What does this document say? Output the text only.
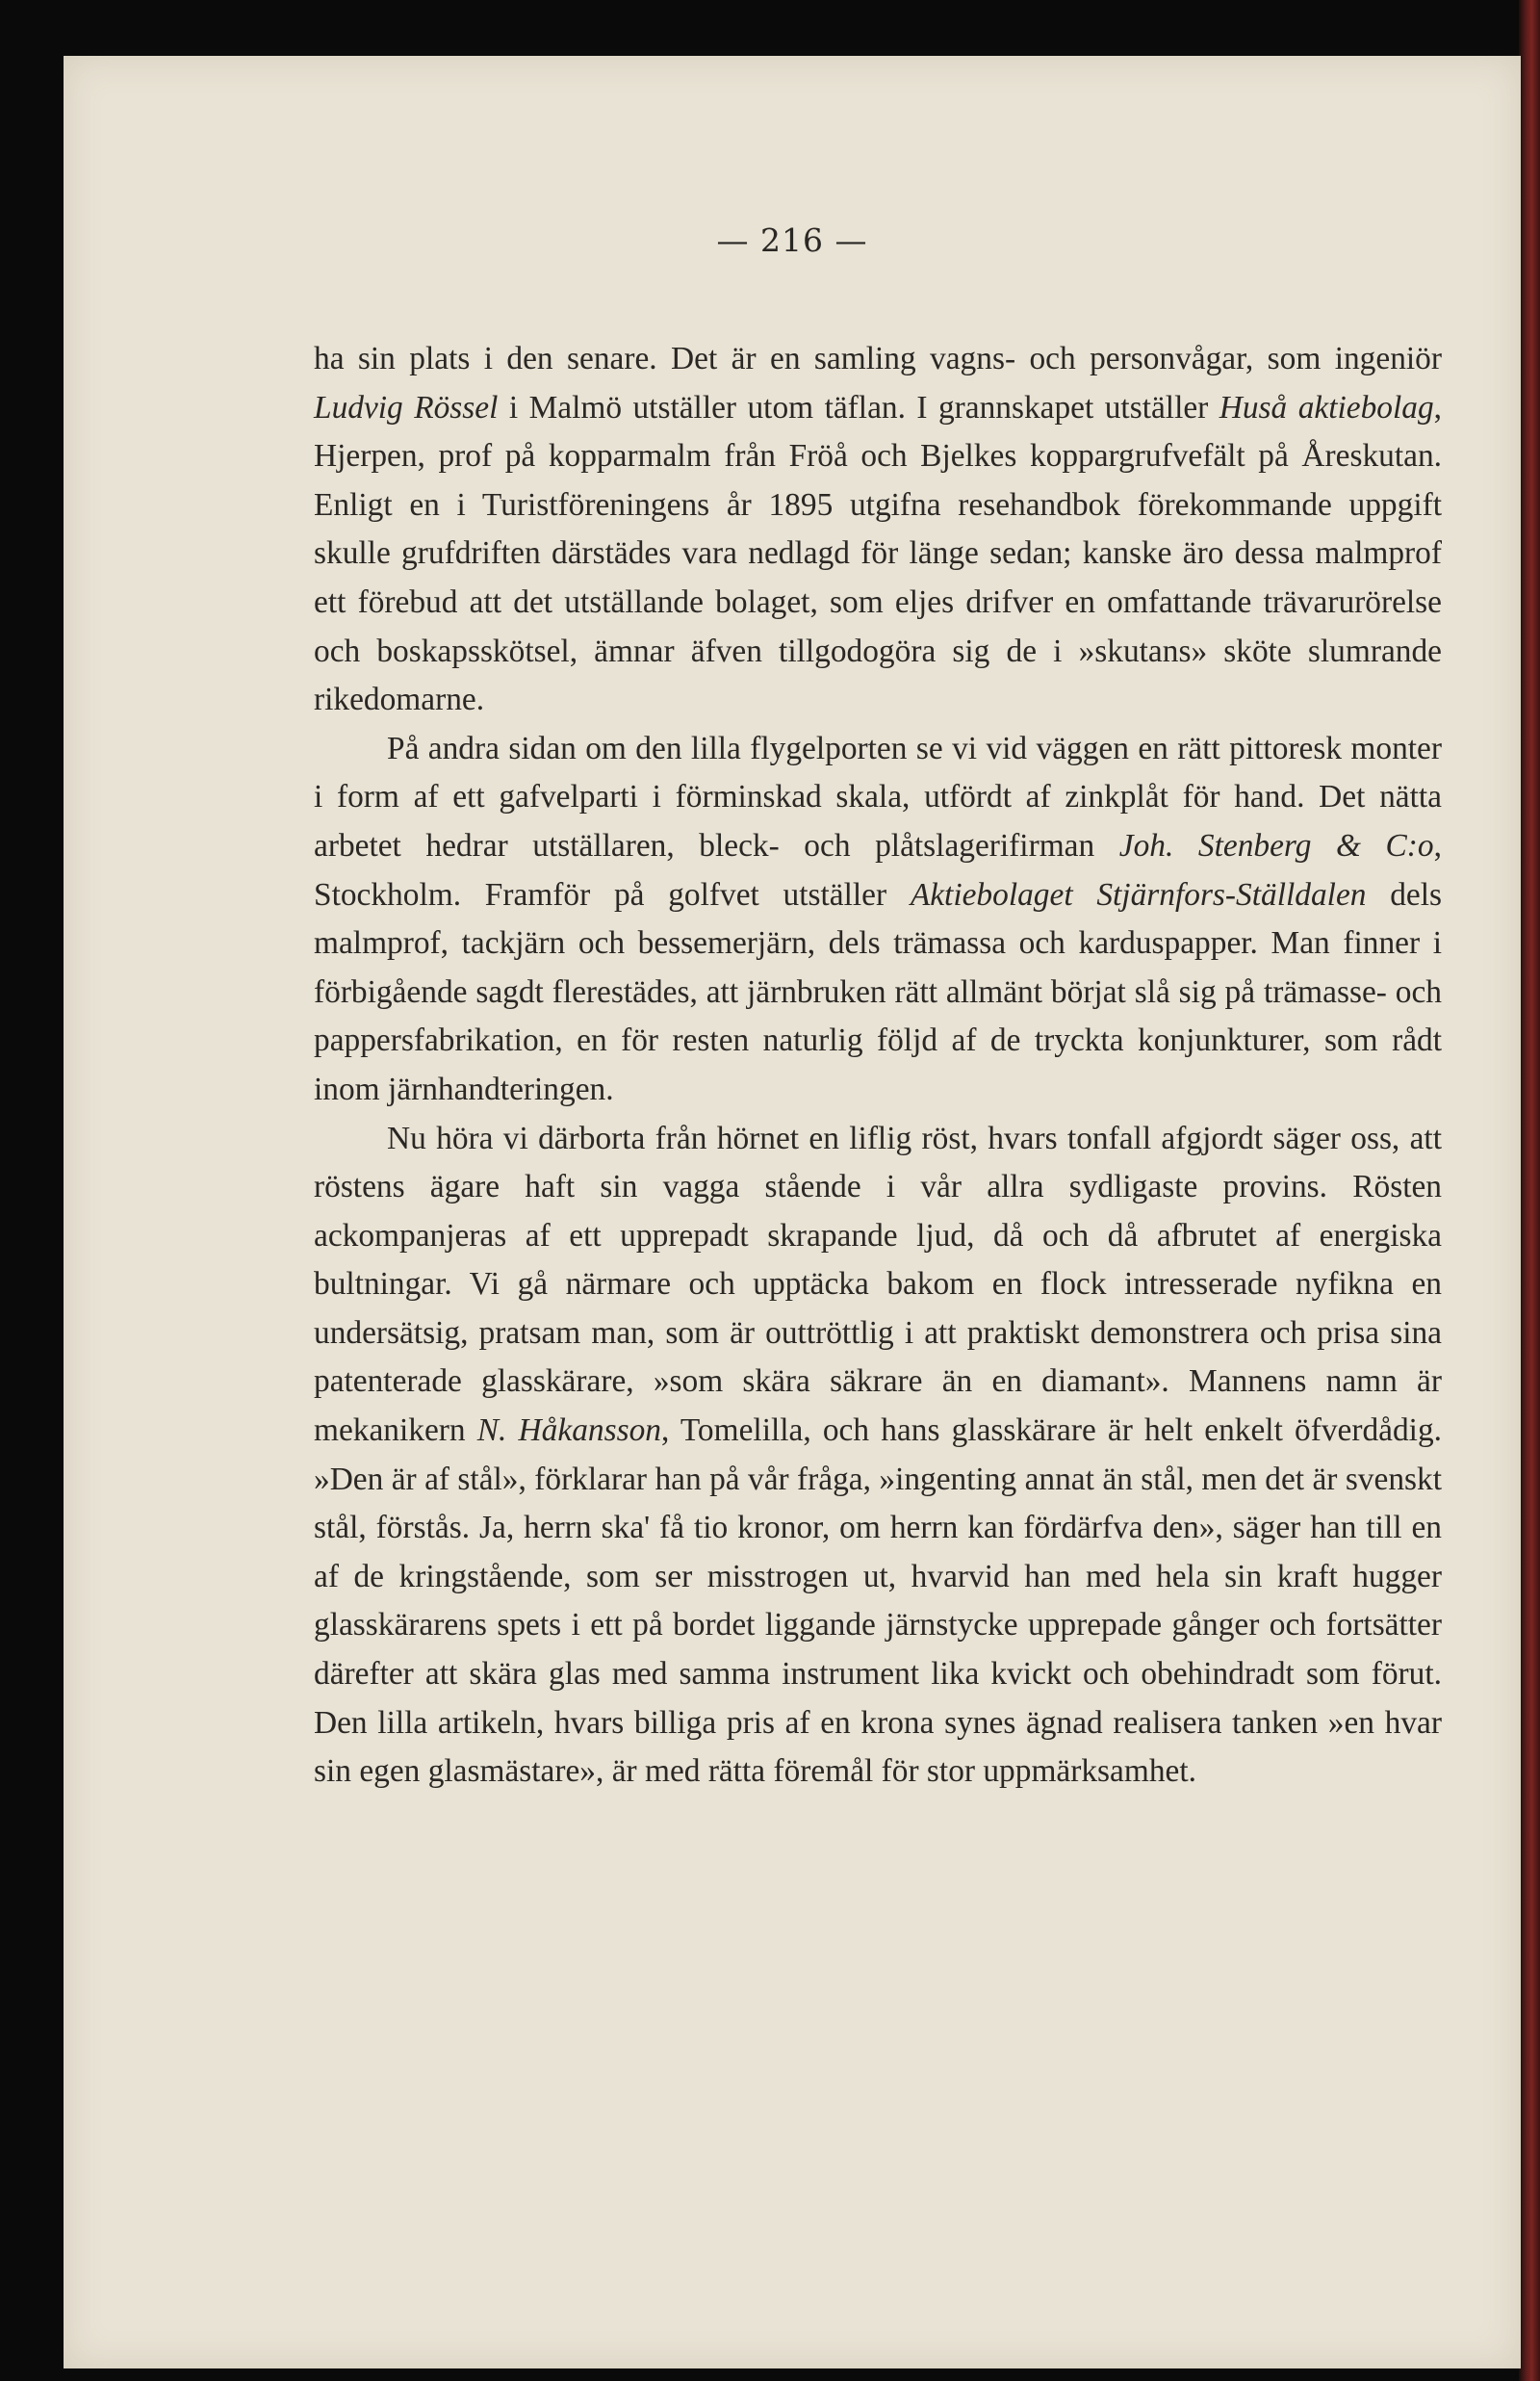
— 216 —

ha sin plats i den senare. Det är en samling vagns- och personvågar, som ingeniör Ludvig Rössel i Malmö utställer utom täflan. I grannskapet utställer Huså aktiebolag, Hjerpen, prof på kopparmalm från Fröå och Bjelkes koppargrufvefält på Åreskutan. Enligt en i Turistföreningens år 1895 utgifna resehandbok förekommande uppgift skulle grufdriften därstädes vara nedlagd för länge sedan; kanske äro dessa malmprof ett förebud att det utställande bolaget, som eljes drifver en omfattande trävarurörelse och boskapsskötsel, ämnar äfven tillgodogöra sig de i »skutans» sköte slumrande rikedomarne.

På andra sidan om den lilla flygelporten se vi vid väggen en rätt pittoresk monter i form af ett gafvelparti i förminskad skala, utfördt af zinkplåt för hand. Det nätta arbetet hedrar utställaren, bleck- och plåtslagerifirman Joh. Stenberg & C:o, Stockholm. Framför på golfvet utställer Aktiebolaget Stjärnfors-Ställdalen dels malmprof, tackjärn och bessemerjärn, dels trämassa och karduspapper. Man finner i förbigående sagdt flerestädes, att järnbruken rätt allmänt börjat slå sig på trämasse- och pappersfabrikation, en för resten naturlig följd af de tryckta konjunkturer, som rådt inom järnhandteringen.

Nu höra vi därborta från hörnet en liflig röst, hvars tonfall afgjordt säger oss, att röstens ägare haft sin vagga stående i vår allra sydligaste provins. Rösten ackompanjeras af ett upprepadt skrapande ljud, då och då afbrutet af energiska bultningar. Vi gå närmare och upptäcka bakom en flock intresserade nyfikna en undersätsig, pratsam man, som är outtröttlig i att praktiskt demonstrera och prisa sina patenterade glasskärare, »som skära säkrare än en diamant». Mannens namn är mekanikern N. Håkansson, Tomelilla, och hans glasskärare är helt enkelt öfverdådig. »Den är af stål», förklarar han på vår fråga, »ingenting annat än stål, men det är svenskt stål, förstås. Ja, herrn ska' få tio kronor, om herrn kan fördärfva den», säger han till en af de kringstående, som ser misstrogen ut, hvarvid han med hela sin kraft hugger glasskärarens spets i ett på bordet liggande järnstycke upprepade gånger och fortsätter därefter att skära glas med samma instrument lika kvickt och obehindradt som förut. Den lilla artikeln, hvars billiga pris af en krona synes ägnad realisera tanken »en hvar sin egen glasmästare», är med rätta föremål för stor uppmärksamhet.
